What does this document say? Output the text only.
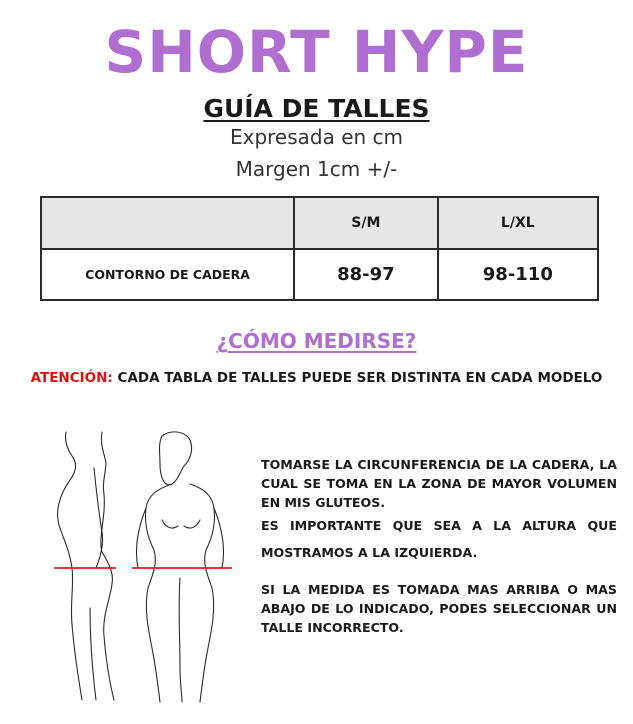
SHORT HYPE
GUÍA DE TALLES
Expresada en cm
Margen 1cm +/-
	S/M	L/XL
CONTORNO DE CADERA	88-97	98-110
¿CÓMO MEDIRSE?
ATENCIÓN: CADA TABLA DE TALLES PUEDE SER DISTINTA EN CADA MODELO

TOMARSE LA CIRCUNFERENCIA DE LA CADERA, LA CUAL SE TOMA EN LA ZONA DE MAYOR VOLUMEN EN MIS GLUTEOS.

ES IMPORTANTE QUE SEA A LA ALTURA QUE MOSTRAMOS A LA IZQUIERDA.

SI LA MEDIDA ES TOMADA MAS ARRIBA O MAS ABAJO DE LO INDICADO, PODES SELECCIONAR UN TALLE INCORRECTO.
